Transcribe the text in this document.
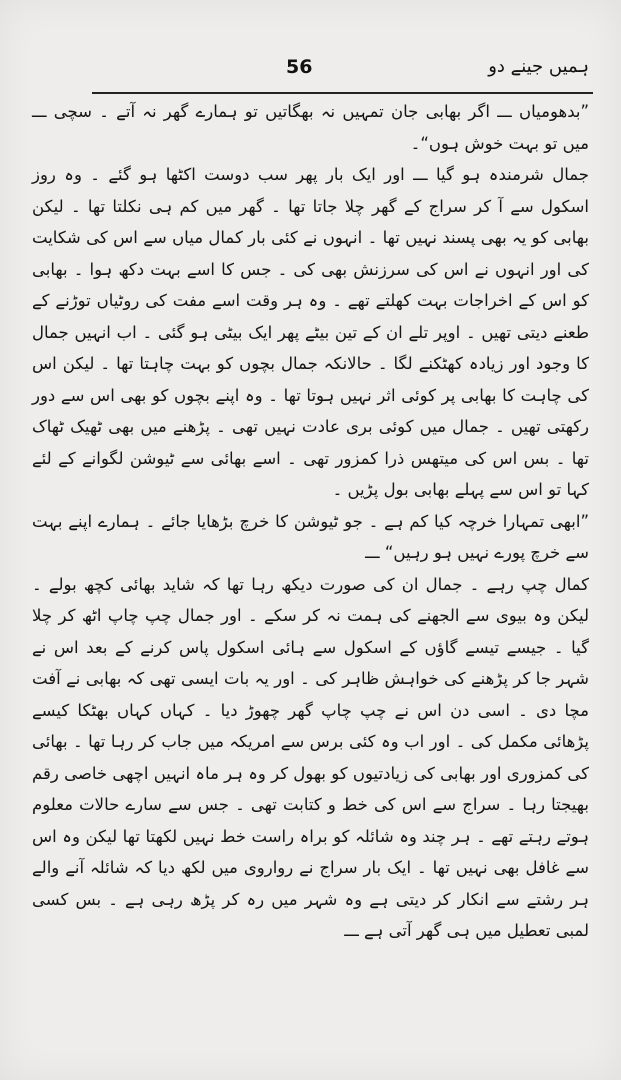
56	ہمیں جینے دو

”بدھومیاں ـــ اگر بھابی جان تمہیں نہ بھگاتیں تو ہمارے گھر نہ آتے ۔ سچی ـــ میں تو بہت خوش ہوں“۔

جمال شرمندہ ہو گیا ـــ اور ایک بار پھر سب دوست اکٹھا ہو گئے ۔ وہ روز اسکول سے آ کر سراج کے گھر چلا جاتا تھا ۔ گھر میں کم ہی نکلتا تھا ۔ لیکن بھابی کو یہ بھی پسند نہیں تھا ۔ انہوں نے کئی بار کمال میاں سے اس کی شکایت کی اور انہوں نے اس کی سرزنش بھی کی ۔ جس کا اسے بہت دکھ ہوا ۔ بھابی کو اس کے اخراجات بہت کھلتے تھے ۔ وہ ہر وقت اسے مفت کی روٹیاں توڑنے کے طعنے دیتی تھیں ۔ اوپر تلے ان کے تین بیٹے پھر ایک بیٹی ہو گئی ۔ اب انہیں جمال کا وجود اور زیادہ کھٹکنے لگا ۔ حالانکہ جمال بچوں کو بہت چاہتا تھا ۔ لیکن اس کی چاہت کا بھابی پر کوئی اثر نہیں ہوتا تھا ۔ وہ اپنے بچوں کو بھی اس سے دور رکھتی تھیں ۔ جمال میں کوئی بری عادت نہیں تھی ۔ پڑھنے میں بھی ٹھیک ٹھاک تھا ۔ بس اس کی میتھس ذرا کمزور تھی ۔ اسے بھائی سے ٹیوشن لگوانے کے لئے کہا تو اس سے پہلے بھابی بول پڑیں ۔

”ابھی تمہارا خرچہ کیا کم ہے ۔ جو ٹیوشن کا خرچ بڑھایا جائے ۔ ہمارے اپنے بہت سے خرچ پورے نہیں ہو رہیں“ ـــ

کمال چپ رہے ۔ جمال ان کی صورت دیکھ رہا تھا کہ شاید بھائی کچھ بولے ۔ لیکن وہ بیوی سے الجھنے کی ہمت نہ کر سکے ۔ اور جمال چپ چاپ اٹھ کر چلا گیا ۔ جیسے تیسے گاؤں کے اسکول سے ہائی اسکول پاس کرنے کے بعد اس نے شہر جا کر پڑھنے کی خواہش ظاہر کی ۔ اور یہ بات ایسی تھی کہ بھابی نے آفت مچا دی ۔ اسی دن اس نے چپ چاپ گھر چھوڑ دیا ۔ کہاں کہاں بھٹکا کیسے پڑھائی مکمل کی ۔ اور اب وہ کئی برس سے امریکہ میں جاب کر رہا تھا ۔ بھائی کی کمزوری اور بھابی کی زیادتیوں کو بھول کر وہ ہر ماہ انہیں اچھی خاصی رقم بھیجتا رہا ۔ سراج سے اس کی خط و کتابت تھی ۔ جس سے سارے حالات معلوم ہوتے رہتے تھے ۔ ہر چند وہ شائلہ کو براہ راست خط نہیں لکھتا تھا لیکن وہ اس سے غافل بھی نہیں تھا ۔ ایک بار سراج نے رواروی میں لکھ دیا کہ شائلہ آنے والے ہر رشتے سے انکار کر دیتی ہے وہ شہر میں رہ کر پڑھ رہی ہے ۔ بس کسی لمبی تعطیل میں ہی گھر آتی ہے ـــ
